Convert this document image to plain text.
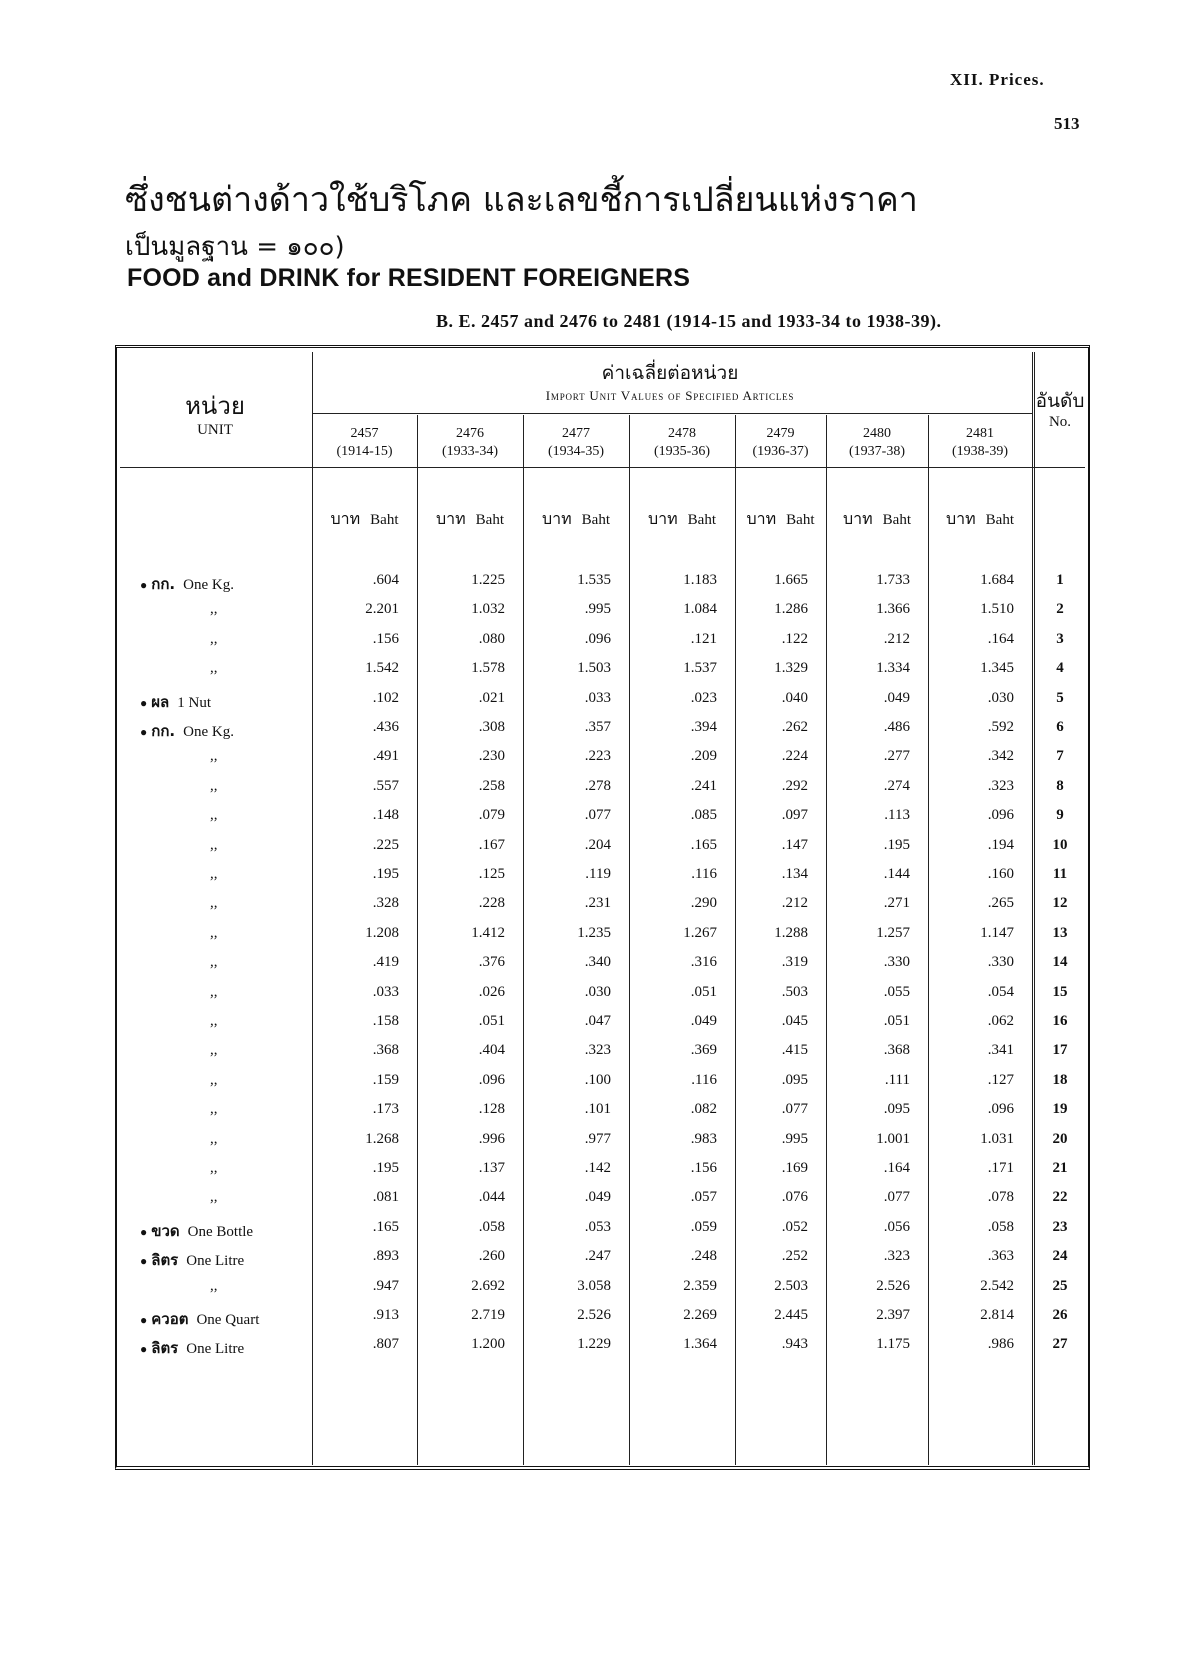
XII. Prices.
513
ซึ่งชนต่างด้าวใช้บริโภค และเลขชี้การเปลี่ยนแห่งราคา
เป็นมูลฐาน = ๑๐๐)
FOOD and DRINK for RESIDENT FOREIGNERS
B. E. 2457 and 2476 to 2481 (1914-15 and 1933-34 to 1938-39).
หน่วย
UNIT
ค่าเฉลี่ยต่อหน่วย
Import Unit Values of Specified Articles	อันดับ
No.
2457
(1914-15)
2476
(1933-34)
2477
(1934-35)
2478
(1935-36)
2479
(1936-37)
2480
(1937-38)
2481
(1938-39)
บาท Baht	บาท Baht	บาท Baht	บาท Baht	บาท Baht	บาท Baht	บาท Baht
● กก. One Kg.	.604	1.225	1.535	1.183	1.665	1.733	1.684	1
,,	2.201	1.032	.995	1.084	1.286	1.366	1.510	2
,,	.156	.080	.096	.121	.122	.212	.164	3
,,	1.542	1.578	1.503	1.537	1.329	1.334	1.345	4
● ผล 1 Nut	.102	.021	.033	.023	.040	.049	.030	5
● กก. One Kg.	.436	.308	.357	.394	.262	.486	.592	6
,,	.491	.230	.223	.209	.224	.277	.342	7
,,	.557	.258	.278	.241	.292	.274	.323	8
,,	.148	.079	.077	.085	.097	.113	.096	9
,,	.225	.167	.204	.165	.147	.195	.194	10
,,	.195	.125	.119	.116	.134	.144	.160	11
,,	.328	.228	.231	.290	.212	.271	.265	12
,,	1.208	1.412	1.235	1.267	1.288	1.257	1.147	13
,,	.419	.376	.340	.316	.319	.330	.330	14
,,	.033	.026	.030	.051	.503	.055	.054	15
,,	.158	.051	.047	.049	.045	.051	.062	16
,,	.368	.404	.323	.369	.415	.368	.341	17
,,	.159	.096	.100	.116	.095	.111	.127	18
,,	.173	.128	.101	.082	.077	.095	.096	19
,,	1.268	.996	.977	.983	.995	1.001	1.031	20
,,	.195	.137	.142	.156	.169	.164	.171	21
,,	.081	.044	.049	.057	.076	.077	.078	22
● ขวด One Bottle	.165	.058	.053	.059	.052	.056	.058	23
● ลิตร One Litre	.893	.260	.247	.248	.252	.323	.363	24
,,	.947	2.692	3.058	2.359	2.503	2.526	2.542	25
● ควอต One Quart	.913	2.719	2.526	2.269	2.445	2.397	2.814	26
● ลิตร One Litre	.807	1.200	1.229	1.364	.943	1.175	.986	27
